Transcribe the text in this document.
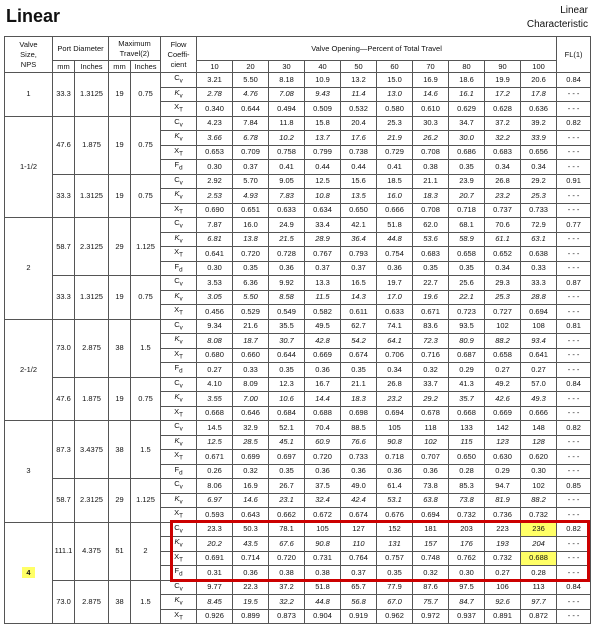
Linear	Linear
Characteristic
Valve
Size,
NPS	Port Diameter		Maximum Travel(2)		Flow
Coeffi-
cient	Valve Opening—Percent of Total Travel										FL(1)
	mm	Inches	mm	Inches		10	20	30	40	50	60	70	80	90	100	
1	33.3	1.3125	19	0.75	$C_v$	3.21	5.50	8.18	10.9	13.2	15.0	16.9	18.6	19.9	20.6	0.84
					$K_v$	2.78	4.76	7.08	9.43	11.4	13.0	14.6	16.1	17.2	17.8	- - -
					$X_T$	0.340	0.644	0.494	0.509	0.532	0.580	0.610	0.629	0.628	0.636	- - -
1-1/2	47.6	1.875	19	0.75	$C_v$	4.23	7.84	11.8	15.8	20.4	25.3	30.3	34.7	37.2	39.2	0.82
					$K_v$	3.66	6.78	10.2	13.7	17.6	21.9	26.2	30.0	32.2	33.9	- - -
					$X_T$	0.653	0.709	0.758	0.799	0.738	0.729	0.708	0.686	0.683	0.656	- - -
					$F_d$	0.30	0.37	0.41	0.44	0.44	0.41	0.38	0.35	0.34	0.34	- - -
	33.3	1.3125	19	0.75	$C_v$	2.92	5.70	9.05	12.5	15.6	18.5	21.1	23.9	26.8	29.2	0.91
					$K_v$	2.53	4.93	7.83	10.8	13.5	16.0	18.3	20.7	23.2	25.3	- - -
					$X_T$	0.690	0.651	0.633	0.634	0.650	0.666	0.708	0.718	0.737	0.733	- - -
2	58.7	2.3125	29	1.125	$C_v$	7.87	16.0	24.9	33.4	42.1	51.8	62.0	68.1	70.6	72.9	0.77
					$K_v$	6.81	13.8	21.5	28.9	36.4	44.8	53.6	58.9	61.1	63.1	- - -
					$X_T$	0.641	0.720	0.728	0.767	0.793	0.754	0.683	0.658	0.652	0.638	- - -
					$F_d$	0.30	0.35	0.36	0.37	0.37	0.36	0.35	0.35	0.34	0.33	- - -
	33.3	1.3125	19	0.75	$C_v$	3.53	6.36	9.92	13.3	16.5	19.7	22.7	25.6	29.3	33.3	0.87
					$K_v$	3.05	5.50	8.58	11.5	14.3	17.0	19.6	22.1	25.3	28.8	- - -
					$X_T$	0.456	0.529	0.549	0.582	0.611	0.633	0.671	0.723	0.727	0.694	- - -
2-1/2	73.0	2.875	38	1.5	$C_v$	9.34	21.6	35.5	49.5	62.7	74.1	83.6	93.5	102	108	0.81
					$K_v$	8.08	18.7	30.7	42.8	54.2	64.1	72.3	80.9	88.2	93.4	- - -
					$X_T$	0.680	0.660	0.644	0.669	0.674	0.706	0.716	0.687	0.658	0.641	- - -
					$F_d$	0.27	0.33	0.35	0.36	0.35	0.34	0.32	0.29	0.27	0.27	- - -
	47.6	1.875	19	0.75	$C_v$	4.10	8.09	12.3	16.7	21.1	26.8	33.7	41.3	49.2	57.0	0.84
					$K_v$	3.55	7.00	10.6	14.4	18.3	23.2	29.2	35.7	42.6	49.3	- - -
					$X_T$	0.668	0.646	0.684	0.688	0.698	0.694	0.678	0.668	0.669	0.666	- - -
3	87.3	3.4375	38	1.5	$C_v$	14.5	32.9	52.1	70.4	88.5	105	118	133	142	148	0.82
					$K_v$	12.5	28.5	45.1	60.9	76.6	90.8	102	115	123	128	- - -
					$X_T$	0.671	0.699	0.697	0.720	0.733	0.718	0.707	0.650	0.630	0.620	- - -
					$F_d$	0.26	0.32	0.35	0.36	0.36	0.36	0.36	0.28	0.29	0.30	- - -
	58.7	2.3125	29	1.125	$C_v$	8.06	16.9	26.7	37.5	49.0	61.4	73.8	85.3	94.7	102	0.85
					$K_v$	6.97	14.6	23.1	32.4	42.4	53.1	63.8	73.8	81.9	88.2	- - -
					$X_T$	0.593	0.643	0.662	0.672	0.674	0.676	0.694	0.732	0.736	0.732	- - -
4	111.1	4.375	51	2	$C_v$	23.3	50.3	78.1	105	127	152	181	203	223	236	0.82
					$K_v$	20.2	43.5	67.6	90.8	110	131	157	176	193	204	- - -
					$X_T$	0.691	0.714	0.720	0.731	0.764	0.757	0.748	0.762	0.732	0.688	- - -
					$F_d$	0.31	0.36	0.38	0.38	0.37	0.35	0.32	0.30	0.27	0.28	- - -
	73.0	2.875	38	1.5	$C_v$	9.77	22.3	37.2	51.8	65.7	77.9	87.6	97.5	106	113	0.84
					$K_v$	8.45	19.5	32.2	44.8	56.8	67.0	75.7	84.7	92.6	97.7	- - -
					$X_T$	0.926	0.899	0.873	0.904	0.919	0.962	0.972	0.937	0.891	0.872	- - -
